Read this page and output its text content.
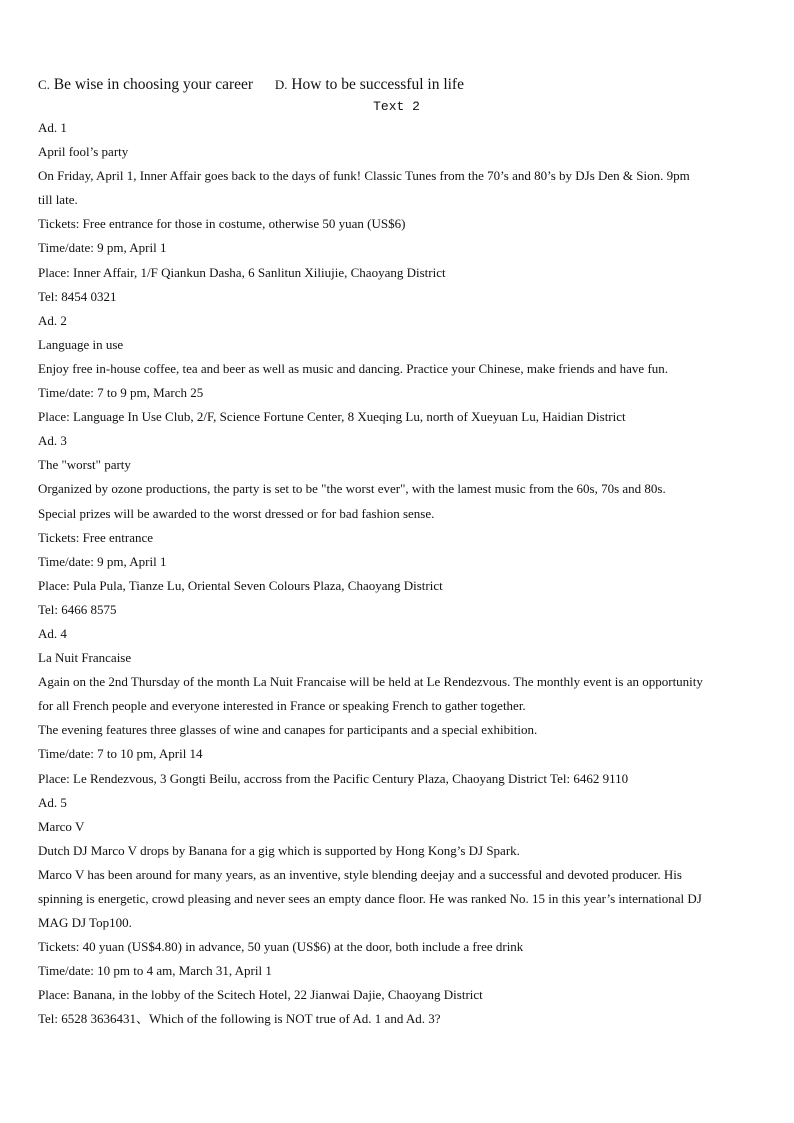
C. Be wise in choosing your career D. How to be successful in life

Text 2

Ad. 1

April fool’s party

On Friday, April 1, Inner Affair goes back to the days of funk! Classic Tunes from the 70’s and 80’s by DJs Den & Sion. 9pm

till late.

Tickets: Free entrance for those in costume, otherwise 50 yuan (US$6)

Time/date: 9 pm, April 1

Place: Inner Affair, 1/F Qiankun Dasha, 6 Sanlitun Xiliujie, Chaoyang District

Tel: 8454 0321

Ad. 2

Language in use

Enjoy free in-house coffee, tea and beer as well as music and dancing. Practice your Chinese, make friends and have fun.

Time/date: 7 to 9 pm, March 25

Place: Language In Use Club, 2/F, Science Fortune Center, 8 Xueqing Lu, north of Xueyuan Lu, Haidian District

Ad. 3

The "worst" party

Organized by ozone productions, the party is set to be "the worst ever", with the lamest music from the 60s, 70s and 80s.

Special prizes will be awarded to the worst dressed or for bad fashion sense.

Tickets: Free entrance

Time/date: 9 pm, April 1

Place: Pula Pula, Tianze Lu, Oriental Seven Colours Plaza, Chaoyang District

Tel: 6466 8575

Ad. 4

La Nuit Francaise

Again on the 2nd Thursday of the month La Nuit Francaise will be held at Le Rendezvous. The monthly event is an opportunity

for all French people and everyone interested in France or speaking French to gather together.

The evening features three glasses of wine and canapes for participants and a special exhibition.

Time/date: 7 to 10 pm, April 14

Place: Le Rendezvous, 3 Gongti Beilu, accross from the Pacific Century Plaza, Chaoyang District Tel: 6462 9110

Ad. 5

Marco V

Dutch DJ Marco V drops by Banana for a gig which is supported by Hong Kong’s DJ Spark.

Marco V has been around for many years, as an inventive, style blending deejay and a successful and devoted producer. His

spinning is energetic, crowd pleasing and never sees an empty dance floor. He was ranked No. 15 in this year’s international DJ

MAG DJ Top100.

Tickets: 40 yuan (US$4.80) in advance, 50 yuan (US$6) at the door, both include a free drink

Time/date: 10 pm to 4 am, March 31, April 1

Place: Banana, in the lobby of the Scitech Hotel, 22 Jianwai Dajie, Chaoyang District

Tel: 6528 3636431、Which of the following is NOT true of Ad. 1 and Ad. 3?
